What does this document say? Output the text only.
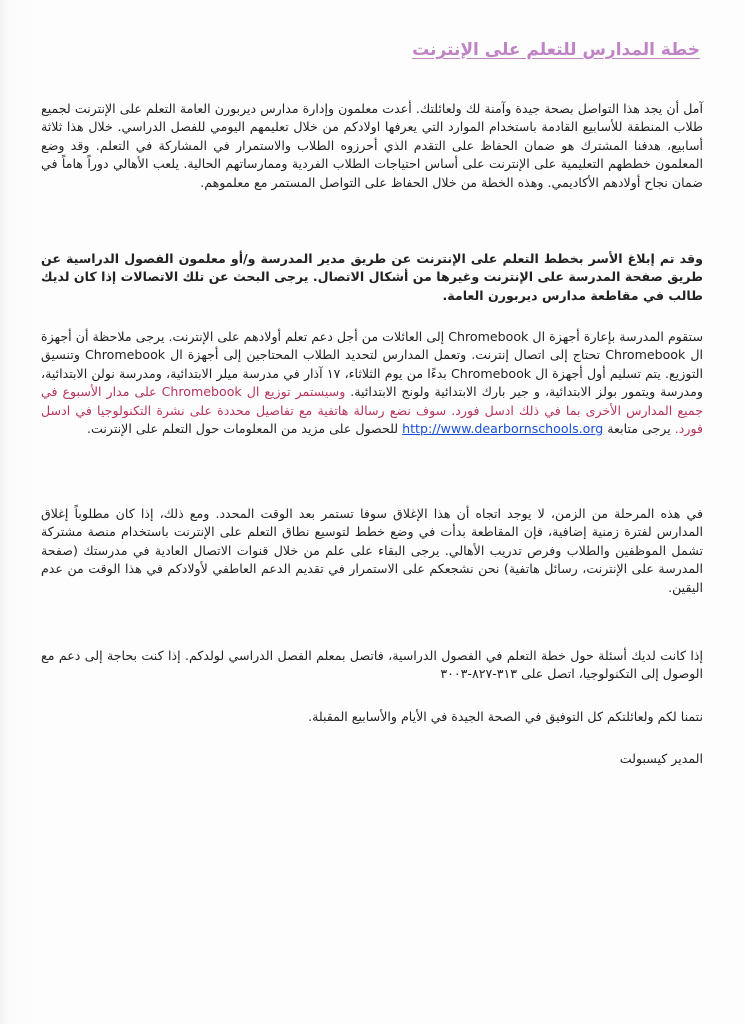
خطة المدارس للتعلم على الإنترنت

آمل أن يجد هذا التواصل بصحة جيدة وآمنة لك ولعائلتك. أعدت معلمون وإدارة مدارس ديربورن العامة التعلم على الإنترنت لجميع طلاب المنطقة للأسابيع القادمة باستخدام الموارد التي يعرفها اولادكم من خلال تعليمهم اليومي للفصل الدراسي. خلال هذا ثلاثة أسابيع، هدفنا المشترك هو ضمان الحفاظ على التقدم الذي أحرزوه الطلاب والاستمرار في المشاركة في التعلم. وقد وضع المعلمون خططهم التعليمية على الإنترنت على أساس احتياجات الطلاب الفردية وممارساتهم الحالية. يلعب الأهالي دوراً هاماً في ضمان نجاح أولادهم الأكاديمي. وهذه الخطة من خلال الحفاظ على التواصل المستمر مع معلموهم.

وقد تم إبلاغ الأسر بخطط التعلم على الإنترنت عن طريق مدير المدرسة و/أو معلمون الفصول الدراسية عن طريق صفحة المدرسة على الإنترنت وغيرها من أشكال الاتصال. يرجى البحث عن تلك الاتصالات إذا كان لديك طالب في مقاطعة مدارس ديربورن العامة.

ستقوم المدرسة بإعارة أجهزة ال Chromebook إلى العائلات من أجل دعم تعلم أولادهم على الإنترنت. يرجى ملاحظة أن أجهزة ال Chromebook تحتاج إلى اتصال إنترنت. وتعمل المدارس لتحديد الطلاب المحتاجين إلى أجهزة ال Chromebook وتنسيق التوزيع. يتم تسليم أول أجهزة ال Chromebook بدءًا من يوم الثلاثاء، ١٧ آذار في مدرسة ميلر الابتدائية، ومدرسة نولن الابتدائية، ومدرسة ويتمور بولز الابتدائية، و جير بارك الابتدائية ولونج الابتدائية. وسيستمر توزيع ال Chromebook على مدار الأسبوع في جميع المدارس الأخرى بما في ذلك ادسل فورد. سوف نضع رسالة هاتفية مع تفاصيل محددة على نشرة التكنولوجيا في ادسل فورد. يرجى متابعة http://www.dearbornschools.org للحصول على مزيد من المعلومات حول التعلم على الإنترنت.

في هذه المرحلة من الزمن، لا يوجد اتجاه أن هذا الإغلاق سوفا تستمر بعد الوقت المحدد. ومع ذلك، إذا كان مطلوباً إغلاق المدارس لفترة زمنية إضافية، فإن المقاطعة بدأت في وضع خطط لتوسيع نطاق التعلم على الإنترنت باستخدام منصة مشتركة تشمل الموظفين والطلاب وفرص تدريب الأهالي. يرجى البقاء على علم من خلال قنوات الاتصال العادية في مدرستك (صفحة المدرسة على الإنترنت، رسائل هاتفية) نحن نشجعكم على الاستمرار في تقديم الدعم العاطفي لأولادكم في هذا الوقت من عدم اليقين.

إذا كانت لديك أسئلة حول خطة التعلم في الفصول الدراسية، فاتصل بمعلم الفصل الدراسي لولدكم. إذا كنت بحاجة إلى دعم مع الوصول إلى التكنولوجيا، اتصل على ٣١٣-٨٢٧-٣٠٠٣

نتمنا لكم ولعائلتكم كل التوفيق في الصحة الجيدة في الأيام والأسابيع المقبلة.

المدير كيسبولت
